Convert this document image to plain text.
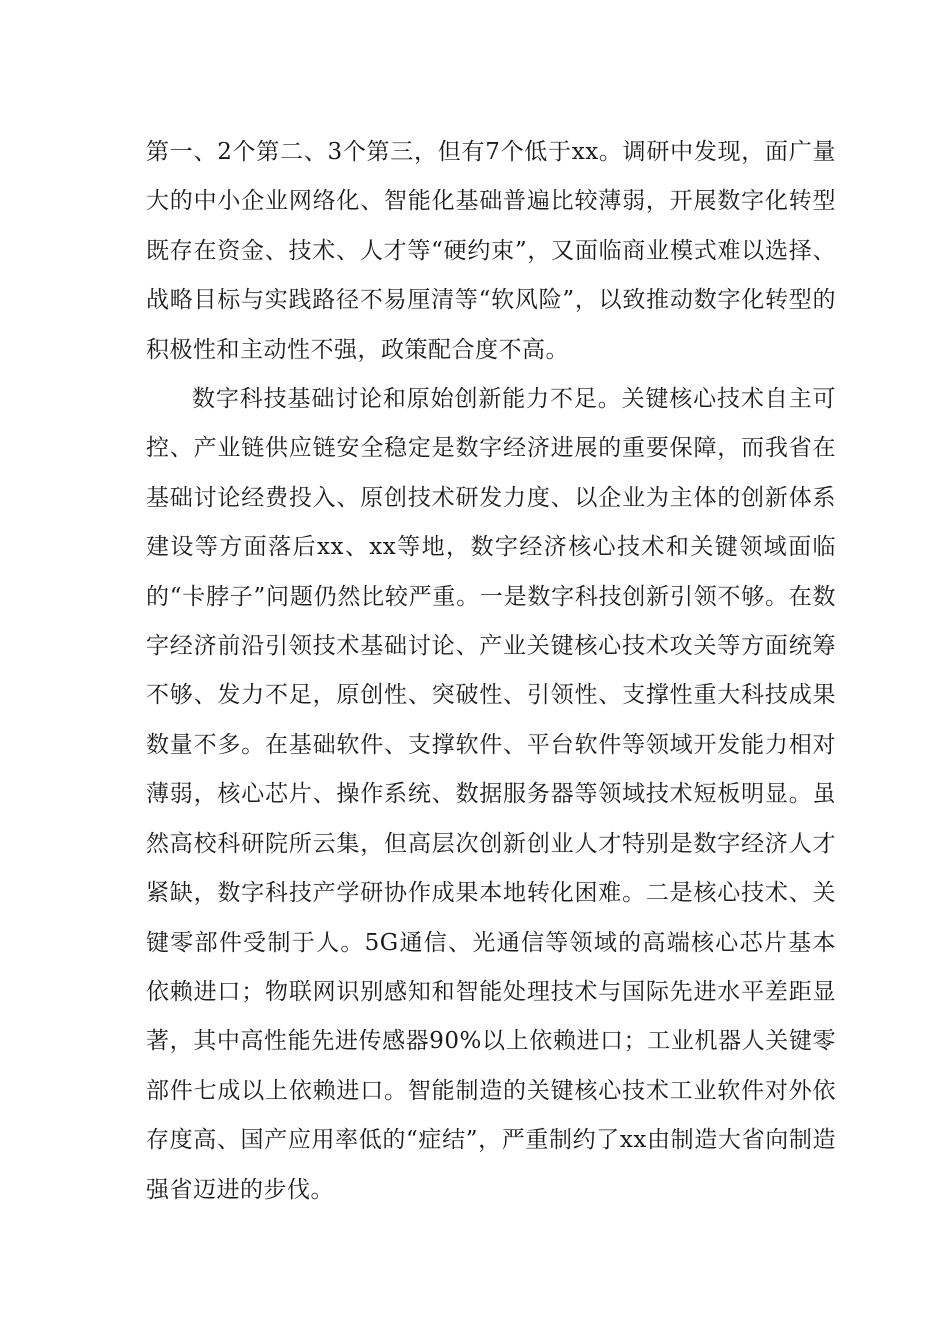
第一、2个第二、3个第三，但有7个低于xx。调研中发现，面广量大的中小企业网络化、智能化基础普遍比较薄弱，开展数字化转型既存在资金、技术、人才等“硬约束”，又面临商业模式难以选择、战略目标与实践路径不易厘清等“软风险”，以致推动数字化转型的积极性和主动性不强，政策配合度不高。

数字科技基础讨论和原始创新能力不足。关键核心技术自主可控、产业链供应链安全稳定是数字经济进展的重要保障，而我省在基础讨论经费投入、原创技术研发力度、以企业为主体的创新体系建设等方面落后xx、xx等地，数字经济核心技术和关键领域面临的“卡脖子”问题仍然比较严重。一是数字科技创新引领不够。在数字经济前沿引领技术基础讨论、产业关键核心技术攻关等方面统筹不够、发力不足，原创性、突破性、引领性、支撑性重大科技成果数量不多。在基础软件、支撑软件、平台软件等领域开发能力相对薄弱，核心芯片、操作系统、数据服务器等领域技术短板明显。虽然高校科研院所云集，但高层次创新创业人才特别是数字经济人才紧缺，数字科技产学研协作成果本地转化困难。二是核心技术、关键零部件受制于人。5G通信、光通信等领域的高端核心芯片基本依赖进口；物联网识别感知和智能处理技术与国际先进水平差距显著，其中高性能先进传感器90%以上依赖进口；工业机器人关键零部件七成以上依赖进口。智能制造的关键核心技术工业软件对外依存度高、国产应用率低的“症结”，严重制约了xx由制造大省向制造强省迈进的步伐。
